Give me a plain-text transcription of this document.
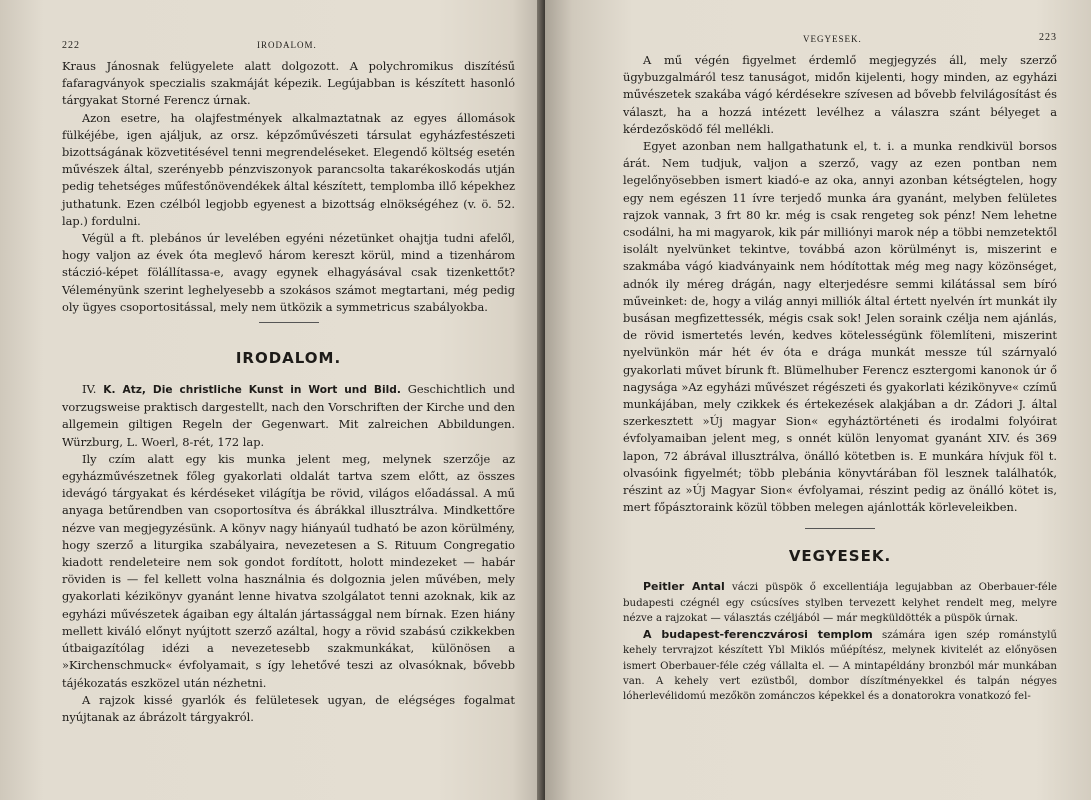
222	IRODALOM.

Kraus Jánosnak felügyelete alatt dolgozott. A polychromikus diszítésű fafaragványok speczialis szakmáját képezik. Legújabban is készített hasonló tárgyakat Storné Ferencz úrnak.

Azon esetre, ha olajfestmények alkalmaztatnak az egyes állomások fülkéjébe, igen ajáljuk, az orsz. képzőművészeti társulat egyházfestészeti bizottságának közvetitésével tenni megrendeléseket. Elegendő költség esetén művészek által, szerényebb pénzviszonyok parancsolta takarékoskodás utján pedig tehetséges műfestőnövendékek által készített, templomba illő képekhez juthatunk. Ezen czélból legjobb egyenest a bizottság elnökségéhez (v. ö. 52. lap.) fordulni.

Végül a ft. plebános úr levelében egyéni nézetünket ohajtja tudni afelől, hogy valjon az évek óta meglevő három kereszt körül, mind a tizenhárom stáczió-képet fölállítassa-e, avagy egynek elhagyásával csak tizenkettőt? Véleményünk szerint leghelyesebb a szokásos számot megtartani, még pedig oly ügyes csoportositással, mely nem ütközik a symmetricus szabályokba.

IRODALOM.

IV. K. Atz, Die christliche Kunst in Wort und Bild. Geschichtlich und vorzugsweise praktisch dargestellt, nach den Vorschriften der Kirche und den allgemein giltigen Regeln der Gegenwart. Mit zalreichen Abbildungen. Würzburg, L. Woerl, 8-rét, 172 lap.

Ily czím alatt egy kis munka jelent meg, melynek szerzője az egyházművészetnek főleg gyakorlati oldalát tartva szem előtt, az összes idevágó tárgyakat és kérdéseket világítja be rövid, világos előadással. A mű anyaga betűrendben van csoportosítva és ábrákkal illusztrálva. Mindkettőre nézve van megjegyzésünk. A könyv nagy hiányaúl tudható be azon körülmény, hogy szerző a liturgika szabályaira, nevezetesen a S. Rituum Congregatio kiadott rendeleteire nem sok gondot fordított, holott mindezeket — habár röviden is — fel kellett volna használnia és dolgoznia jelen művében, mely gyakorlati kézikönyv gyanánt lenne hivatva szolgálatot tenni azoknak, kik az egyházi művészetek ágaiban egy általán jártassággal nem bírnak. Ezen hiány mellett kiváló előnyt nyújtott szerző azáltal, hogy a rövid szabású czikkekben útbaigazítólag idézi a nevezetesebb szakmunkákat, különösen a »Kirchenschmuck« évfolyamait, s így lehetővé teszi az olvasóknak, bővebb tájékozatás eszközel után nézhetni.

A rajzok kissé gyarlók és felületesek ugyan, de elégséges fogalmat nyújtanak az ábrázolt tárgyakról.

VEGYESEK.	223

A mű végén figyelmet érdemlő megjegyzés áll, mely szerző ügybuzgalmáról tesz tanuságot, midőn kijelenti, hogy minden, az egyházi művészetek szakába vágó kérdésekre szívesen ad bővebb felvilágosítást és választ, ha a hozzá intézett levélhez a válaszra szánt bélyeget a kérdezősködő fél mellékli.

Egyet azonban nem hallgathatunk el, t. i. a munka rendkivül borsos árát. Nem tudjuk, valjon a szerző, vagy az ezen pontban nem legelőnyösebben ismert kiadó-e az oka, annyi azonban kétségtelen, hogy egy nem egészen 11 ívre terjedő munka ára gyanánt, melyben felületes rajzok vannak, 3 frt 80 kr. még is csak rengeteg sok pénz! Nem lehetne csodálni, ha mi magyarok, kik pár milliónyi marok nép a többi nemzetektől isolált nyelvünket tekintve, továbbá azon körülményt is, miszerint e szakmába vágó kiadványaink nem hódítottak még meg nagy közönséget, adnók ily méreg drágán, nagy elterjedésre semmi kilátással sem bíró műveinket: de, hogy a világ annyi milliók által értett nyelvén írt munkát ily busásan megfizettessék, mégis csak sok! Jelen soraink czélja nem ajánlás, de rövid ismertetés levén, kedves kötelességünk fölemlíteni, miszerint nyelvünkön már hét év óta e drága munkát messze túl szárnyaló gyakorlati művet bírunk ft. Blümelhuber Ferencz esztergomi kanonok úr ő nagysága »Az egyházi művészet régészeti és gyakorlati kézikönyve« czímű munkájában, mely czikkek és értekezések alakjában a dr. Zádori J. által szerkesztett »Új magyar Sion« egyháztörténeti és irodalmi folyóirat évfolyamaiban jelent meg, s onnét külön lenyomat gyanánt XIV. és 369 lapon, 72 ábrával illusztrálva, önálló kötetben is. E munkára hívjuk föl t. olvasóink figyelmét; több plebánia könyvtárában föl lesznek találhatók, részint az »Új Magyar Sion« évfolyamai, részint pedig az önálló kötet is, mert főpásztoraink közül többen melegen ajánlották körleveleikben.

VEGYESEK.

Peitler Antal váczi püspök ő excellentiája legujabban az Oberbauer-féle budapesti czégnél egy csúcsíves stylben tervezett kelyhet rendelt meg, melyre nézve a rajzokat — választás czéljából — már megküldötték a püspök úrnak.

A budapest-ferenczvárosi templom számára igen szép románstylű kehely tervrajzot készített Ybl Miklós műépítész, melynek kivitelét az előnyösen ismert Oberbauer-féle czég vállalta el. — A mintapéldány bronzból már munkában van. A kehely vert ezüstből, dombor díszítményekkel és talpán négyes lóherlevélidomú mezőkön zománczos képekkel és a donatorokra vonatkozó fel-
